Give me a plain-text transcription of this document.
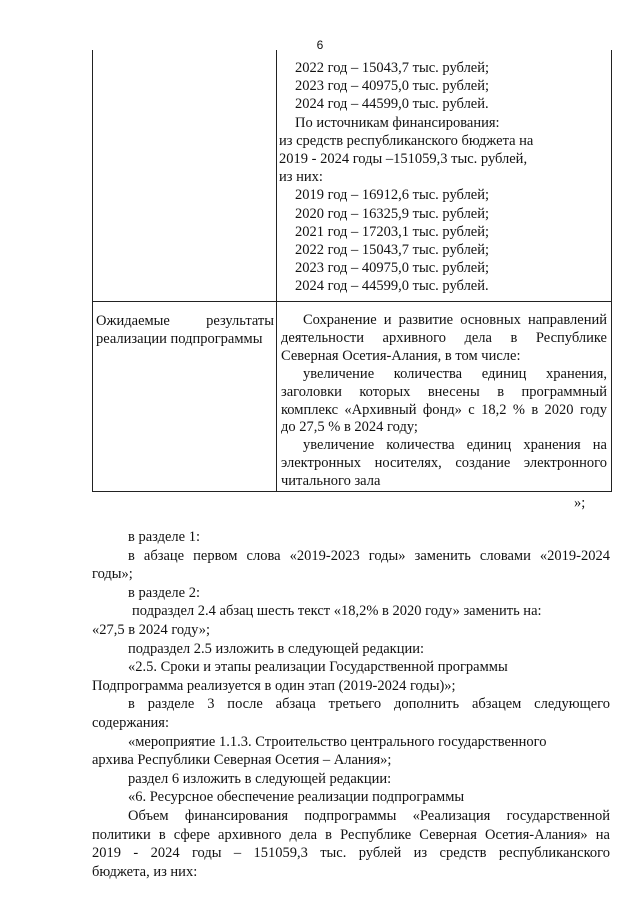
6
2022 год – 15043,7 тыс. рублей;
2023 год – 40975,0 тыс. рублей;
2024 год – 44599,0 тыс. рублей.
По источникам финансирования:
из средств республиканского бюджета на
2019 - 2024 годы –151059,3 тыс. рублей,
из них:
2019 год – 16912,6 тыс. рублей;
2020 год – 16325,9 тыс. рублей;
2021 год – 17203,1 тыс. рублей;
2022 год – 15043,7 тыс. рублей;
2023 год – 40975,0 тыс. рублей;
2024 год – 44599,0 тыс. рублей.
Ожидаемые результаты
реализации подпрограммы
Сохранение и развитие основных направлений
деятельности архивного дела в Республике
Северная Осетия-Алания, в том числе:
увеличение количества единиц хранения,
заголовки которых внесены в программный
комплекс «Архивный фонд» с 18,2 % в 2020 году
до 27,5 % в 2024 году;
увеличение количества единиц хранения на
электронных носителях, создание электронного
читального зала
»;

в разделе 1:

в абзаце первом слова «2019-2023 годы» заменить словами «2019-2024

годы»;

в разделе 2:

подраздел 2.4 абзац шесть текст «18,2% в 2020 году» заменить на:

«27,5 в 2024 году»;

подраздел 2.5 изложить в следующей редакции:

«2.5. Сроки и этапы реализации Государственной программы

Подпрограмма реализуется в один этап (2019-2024 годы)»;

в разделе 3 после абзаца третьего дополнить абзацем следующего

содержания:

«мероприятие 1.1.3. Строительство центрального государственного

архива Республики Северная Осетия – Алания»;

раздел 6 изложить в следующей редакции:

«6. Ресурсное обеспечение реализации подпрограммы

Объем финансирования подпрограммы «Реализация государственной

политики в сфере архивного дела в Республике Северная Осетия-Алания» на

2019 - 2024 годы – 151059,3 тыс. рублей из средств республиканского

бюджета, из них:
